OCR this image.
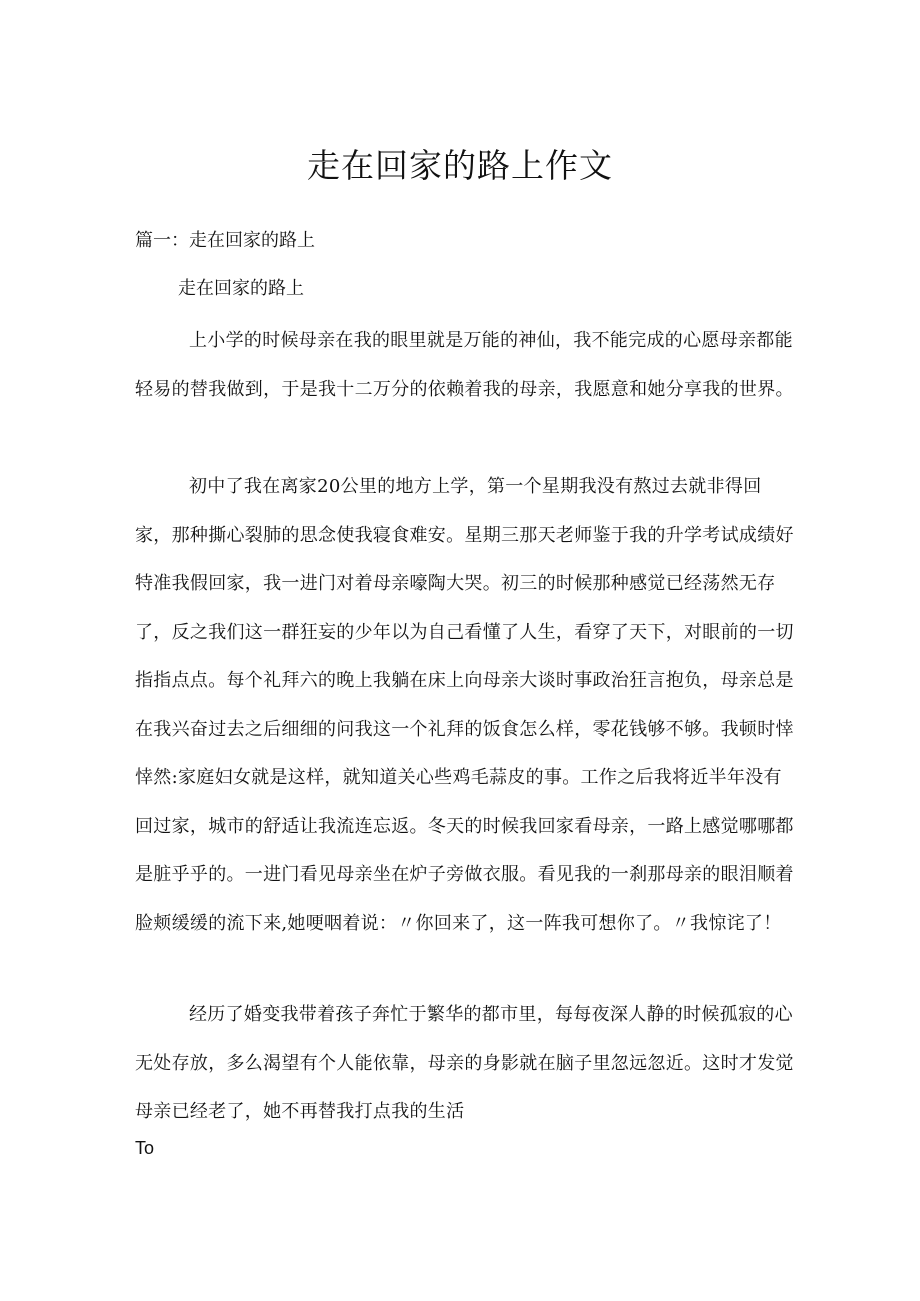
走在回家的路上作文
篇一：走在回家的路上
走在回家的路上

上小学的时候母亲在我的眼里就是万能的神仙，我不能完成的心愿母亲都能轻易的替我做到，于是我十二万分的依赖着我的母亲，我愿意和她分享我的世界。

初中了我在离家20公里的地方上学，第一个星期我没有熬过去就非得回家，那种撕心裂肺的思念使我寝食难安。星期三那天老师鉴于我的升学考试成绩好特准我假回家，我一进门对着母亲嚎陶大哭。初三的时候那种感觉已经荡然无存了，反之我们这一群狂妄的少年以为自己看懂了人生，看穿了天下，对眼前的一切指指点点。每个礼拜六的晚上我躺在床上向母亲大谈时事政治狂言抱负，母亲总是在我兴奋过去之后细细的问我这一个礼拜的饭食怎么样，零花钱够不够。我顿时悻悻然:家庭妇女就是这样，就知道关心些鸡毛蒜皮的事。工作之后我将近半年没有回过家，城市的舒适让我流连忘返。冬天的时候我回家看母亲，一路上感觉哪哪都是脏乎乎的。一进门看见母亲坐在炉子旁做衣服。看见我的一刹那母亲的眼泪顺着脸颊缓缓的流下来,她哽咽着说：〃你回来了，这一阵我可想你了。〃我惊诧了！

经历了婚变我带着孩子奔忙于繁华的都市里，每每夜深人静的时候孤寂的心无处存放，多么渴望有个人能依靠，母亲的身影就在脑子里忽远忽近。这时才发觉母亲已经老了，她不再替我打点我的生活

To
